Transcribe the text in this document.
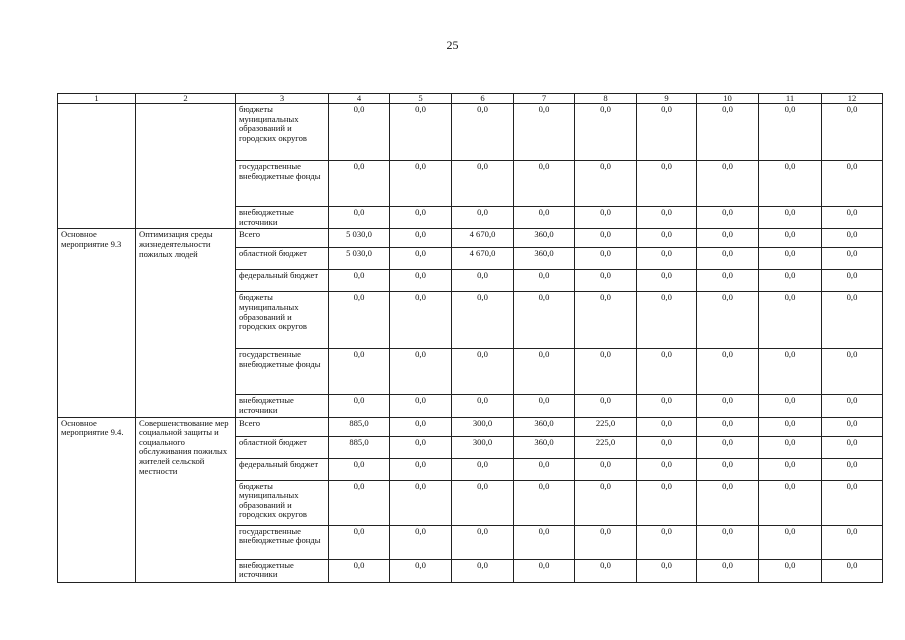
25
1	2	3	4	5	6	7	8	9	10	11	12
		бюджеты муниципальных образований и городских округов	0,0	0,0	0,0	0,0	0,0	0,0	0,0	0,0	0,0
		государственные внебюджетные фонды	0,0	0,0	0,0	0,0	0,0	0,0	0,0	0,0	0,0
		внебюджетные источники	0,0	0,0	0,0	0,0	0,0	0,0	0,0	0,0	0,0
Основное мероприятие 9.3	Оптимизация среды жизнедеятельности пожилых людей	Всего	5 030,0	0,0	4 670,0	360,0	0,0	0,0	0,0	0,0	0,0
		областной бюджет	5 030,0	0,0	4 670,0	360,0	0,0	0,0	0,0	0,0	0,0
		федеральный бюджет	0,0	0,0	0,0	0,0	0,0	0,0	0,0	0,0	0,0
		бюджеты муниципальных образований и городских округов	0,0	0,0	0,0	0,0	0,0	0,0	0,0	0,0	0,0
		государственные внебюджетные фонды	0,0	0,0	0,0	0,0	0,0	0,0	0,0	0,0	0,0
		внебюджетные источники	0,0	0,0	0,0	0,0	0,0	0,0	0,0	0,0	0,0
Основное мероприятие 9.4.	Совершенствование мер социальной защиты и социального обслуживания пожилых жителей сельской местности	Всего	885,0	0,0	300,0	360,0	225,0	0,0	0,0	0,0	0,0
		областной бюджет	885,0	0,0	300,0	360,0	225,0	0,0	0,0	0,0	0,0
		федеральный бюджет	0,0	0,0	0,0	0,0	0,0	0,0	0,0	0,0	0,0
		бюджеты муниципальных образований и городских округов	0,0	0,0	0,0	0,0	0,0	0,0	0,0	0,0	0,0
		государственные внебюджетные фонды	0,0	0,0	0,0	0,0	0,0	0,0	0,0	0,0	0,0
		внебюджетные источники	0,0	0,0	0,0	0,0	0,0	0,0	0,0	0,0	0,0
